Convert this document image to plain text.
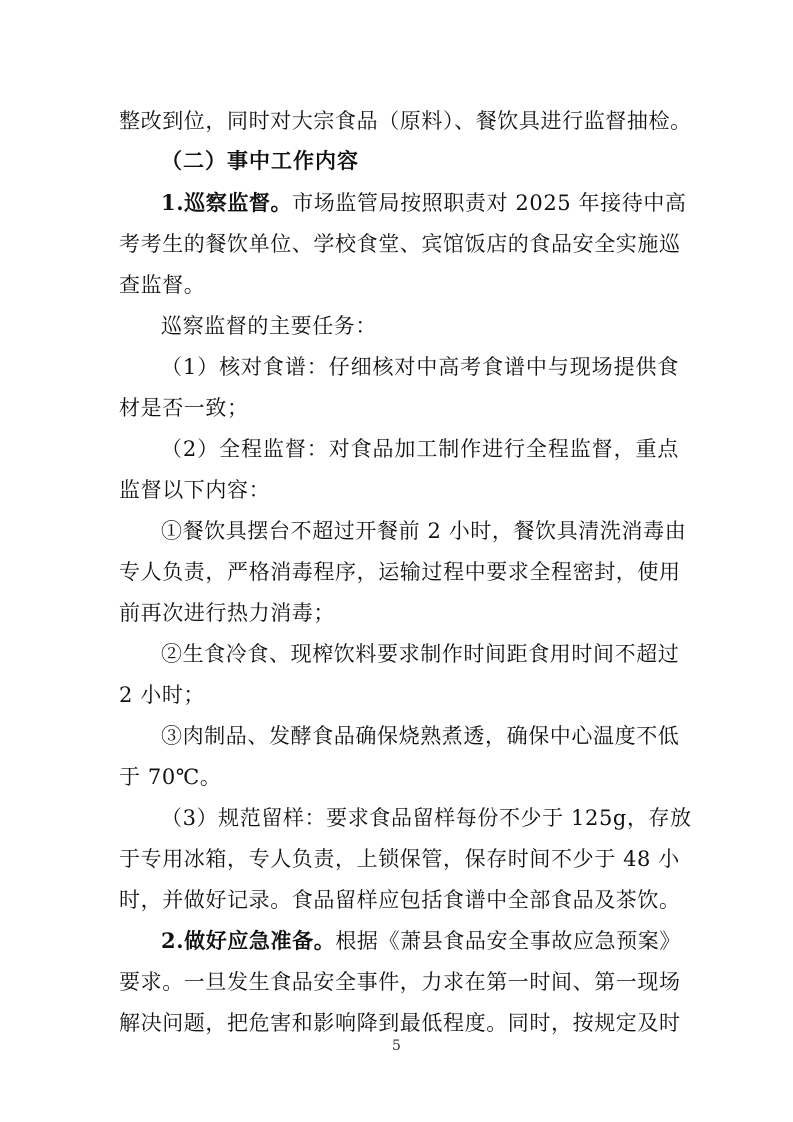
整改到位，同时对大宗食品（原料）、餐饮具进行监督抽检。
（二）事中工作内容
1.巡察监督。市场监管局按照职责对 2025 年接待中高
考考生的餐饮单位、学校食堂、宾馆饭店的食品安全实施巡
查监督。
巡察监督的主要任务：
（1）核对食谱：仔细核对中高考食谱中与现场提供食
材是否一致；
（2）全程监督：对食品加工制作进行全程监督，重点
监督以下内容：
①餐饮具摆台不超过开餐前 2 小时，餐饮具清洗消毒由
专人负责，严格消毒程序，运输过程中要求全程密封，使用
前再次进行热力消毒；
②生食冷食、现榨饮料要求制作时间距食用时间不超过
2 小时；
③肉制品、发酵食品确保烧熟煮透，确保中心温度不低
于 70℃。
（3）规范留样：要求食品留样每份不少于 125g，存放
于专用冰箱，专人负责，上锁保管，保存时间不少于 48 小
时，并做好记录。食品留样应包括食谱中全部食品及茶饮。
2.做好应急准备。根据《萧县食品安全事故应急预案》
要求。一旦发生食品安全事件，力求在第一时间、第一现场
解决问题，把危害和影响降到最低程度。同时，按规定及时
5
